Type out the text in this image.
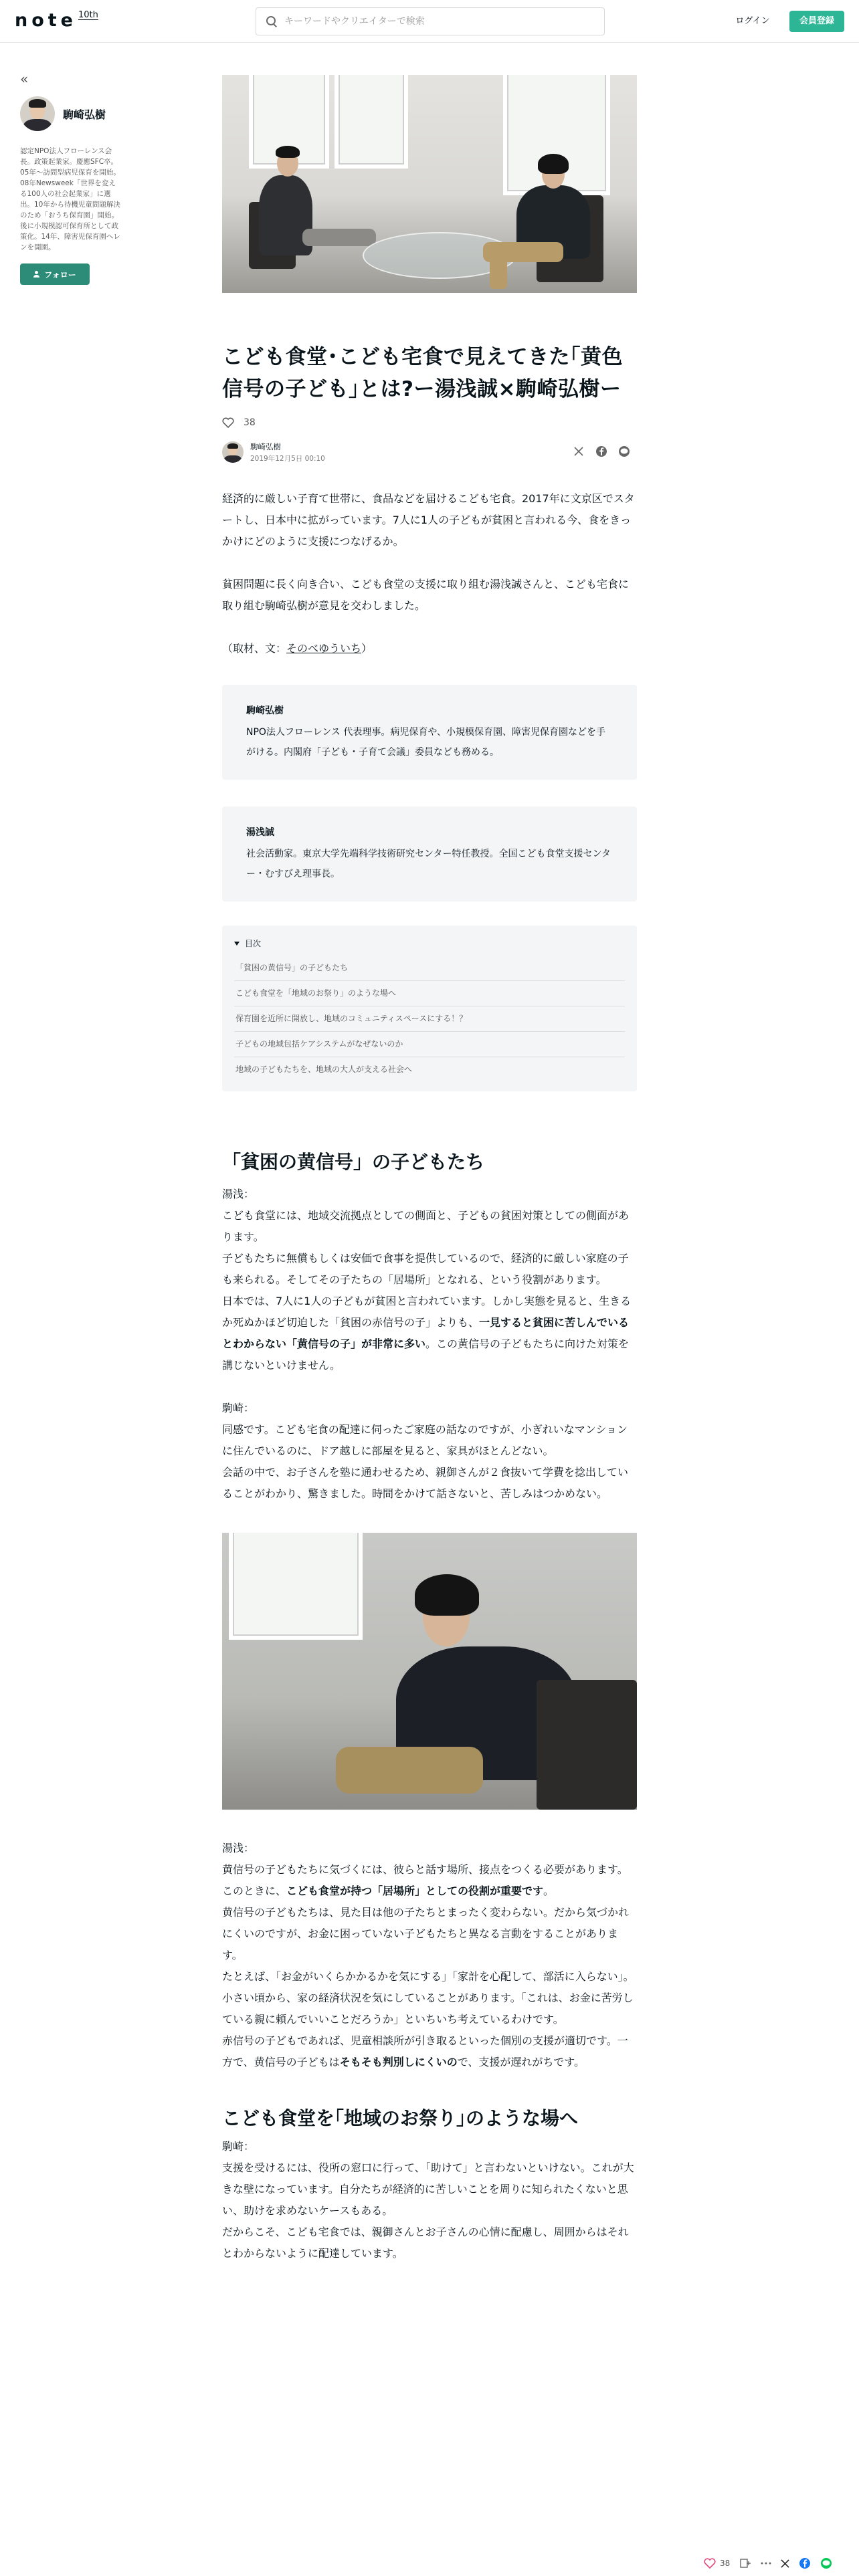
note 10th
キーワードやクリエイターで検索
ログイン	会員登録
«
駒崎弘樹
認定NPO法人フローレンス会長。政策起業家。慶應SFC卒。05年〜訪問型病児保育を開始。08年Newsweek「世界を変える100人の社会起業家」に選出。10年から待機児童問題解決のため「おうち保育園」開始。後に小規模認可保育所として政策化。14年、障害児保育園ヘレンを開園。
フォロー
こども食堂･こども宅食で見えてきた｢黄色信号の子ども｣とは?ー湯浅誠×駒崎弘樹ー
38
駒崎弘樹
2019年12月5日 00:10

経済的に厳しい子育て世帯に、食品などを届けるこども宅食。2017年に文京区でスタートし、日本中に拡がっています。7人に1人の子どもが貧困と言われる今、食をきっかけにどのように支援につなげるか。

貧困問題に長く向き合い、こども食堂の支援に取り組む湯浅誠さんと、こども宅食に取り組む駒崎弘樹が意見を交わしました。

（取材、文：そのべゆういち）

駒崎弘樹
NPO法人フローレンス 代表理事。病児保育や、小規模保育園、障害児保育園などを手がける。内閣府「子ども・子育て会議」委員なども務める。
湯浅誠
社会活動家。東京大学先端科学技術研究センター特任教授。全国こども食堂支援センター・むすびえ理事長。
目次
「貧困の黄信号」の子どもたち
こども食堂を「地域のお祭り」のような場へ
保育園を近所に開放し、地域のコミュニティスペースにする！？
子どもの地域包括ケアシステムがなぜないのか
地域の子どもたちを、地域の大人が支える社会へ
「貧困の黄信号」の子どもたち

湯浅：

こども食堂には、地域交流拠点としての側面と、子どもの貧困対策としての側面があります。

子どもたちに無償もしくは安価で食事を提供しているので、経済的に厳しい家庭の子も来られる。そしてその子たちの「居場所」となれる、という役割があります。

日本では、7人に1人の子どもが貧困と言われています。しかし実態を見ると、生きるか死ぬかほど切迫した「貧困の赤信号の子」よりも、一見すると貧困に苦しんでいるとわからない「黄信号の子」が非常に多い。この黄信号の子どもたちに向けた対策を講じないといけません。

駒崎：

同感です。こども宅食の配達に伺ったご家庭の話なのですが、小ぎれいなマンションに住んでいるのに、ドア越しに部屋を見ると、家具がほとんどない。

会話の中で、お子さんを塾に通わせるため、親御さんが２食抜いて学費を捻出していることがわかり、驚きました。時間をかけて話さないと、苦しみはつかめない。

湯浅：

黄信号の子どもたちに気づくには、彼らと話す場所、接点をつくる必要があります。このときに、こども食堂が持つ「居場所」としての役割が重要です。

黄信号の子どもたちは、見た目は他の子たちとまったく変わらない。だから気づかれにくいのですが、お金に困っていない子どもたちと異なる言動をすることがあります。

たとえば、「お金がいくらかかるかを気にする」「家計を心配して、部活に入らない」。小さい頃から、家の経済状況を気にしていることがあります。「これは、お金に苦労している親に頼んでいいことだろうか」といちいち考えているわけです。

赤信号の子どもであれば、児童相談所が引き取るといった個別の支援が適切です。一方で、黄信号の子どもはそもそも判別しにくいので、支援が遅れがちです。

こども食堂を｢地域のお祭り｣のような場へ

駒崎：

支援を受けるには、役所の窓口に行って、「助けて」と言わないといけない。これが大きな壁になっています。自分たちが経済的に苦しいことを周りに知られたくないと思い、助けを求めないケースもある。

だからこそ、こども宅食では、親御さんとお子さんの心情に配慮し、周囲からはそれとわからないように配達しています。

38
